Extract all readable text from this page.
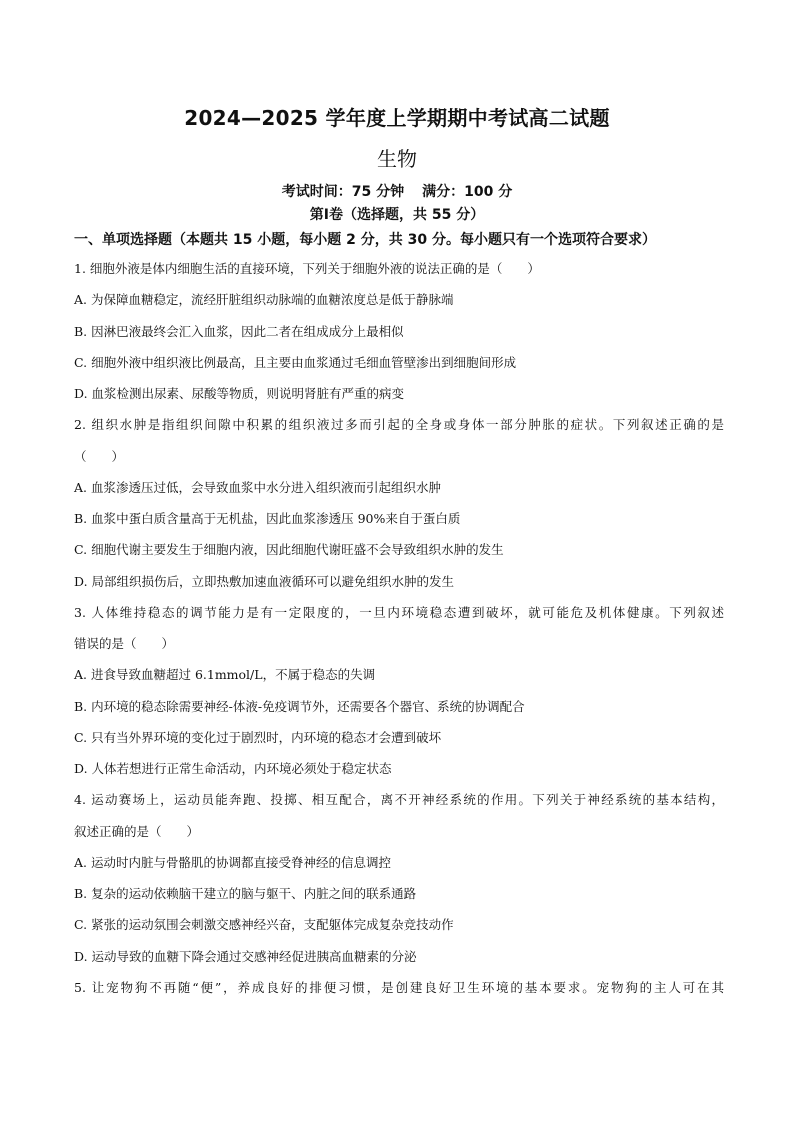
2024—2025 学年度上学期期中考试高二试题
生物
考试时间：75 分钟 满分：100 分
第Ⅰ卷（选择题，共 55 分）
一、单项选择题（本题共 15 小题，每小题 2 分，共 30 分。每小题只有一个选项符合要求）
1. 细胞外液是体内细胞生活的直接环境，下列关于细胞外液的说法正确的是（　　）
A. 为保障血糖稳定，流经肝脏组织动脉端的血糖浓度总是低于静脉端
B. 因淋巴液最终会汇入血浆，因此二者在组成成分上最相似
C. 细胞外液中组织液比例最高，且主要由血浆通过毛细血管壁渗出到细胞间形成
D. 血浆检测出尿素、尿酸等物质，则说明肾脏有严重的病变
2. 组织水肿是指组织间隙中积累的组织液过多而引起的全身或身体一部分肿胀的症状。下列叙述正确的是
（　　）
A. 血浆渗透压过低，会导致血浆中水分进入组织液而引起组织水肿
B. 血浆中蛋白质含量高于无机盐，因此血浆渗透压 90%来自于蛋白质
C. 细胞代谢主要发生于细胞内液，因此细胞代谢旺盛不会导致组织水肿的发生
D. 局部组织损伤后，立即热敷加速血液循环可以避免组织水肿的发生
3. 人体维持稳态的调节能力是有一定限度的，一旦内环境稳态遭到破坏，就可能危及机体健康。下列叙述
错误的是（　　）
A. 进食导致血糖超过 6.1mmol/L，不属于稳态的失调
B. 内环境的稳态除需要神经-体液-免疫调节外，还需要各个器官、系统的协调配合
C. 只有当外界环境的变化过于剧烈时，内环境的稳态才会遭到破坏
D. 人体若想进行正常生命活动，内环境必须处于稳定状态
4. 运动赛场上，运动员能奔跑、投掷、相互配合，离不开神经系统的作用。下列关于神经系统的基本结构，
叙述正确的是（　　）
A. 运动时内脏与骨骼肌的协调都直接受脊神经的信息调控
B. 复杂的运动依赖脑干建立的脑与躯干、内脏之间的联系通路
C. 紧张的运动氛围会刺激交感神经兴奋，支配躯体完成复杂竞技动作
D. 运动导致的血糖下降会通过交感神经促进胰高血糖素的分泌
5. 让宠物狗不再随“便”，养成良好的排便习惯，是创建良好卫生环境的基本要求。宠物狗的主人可在其
